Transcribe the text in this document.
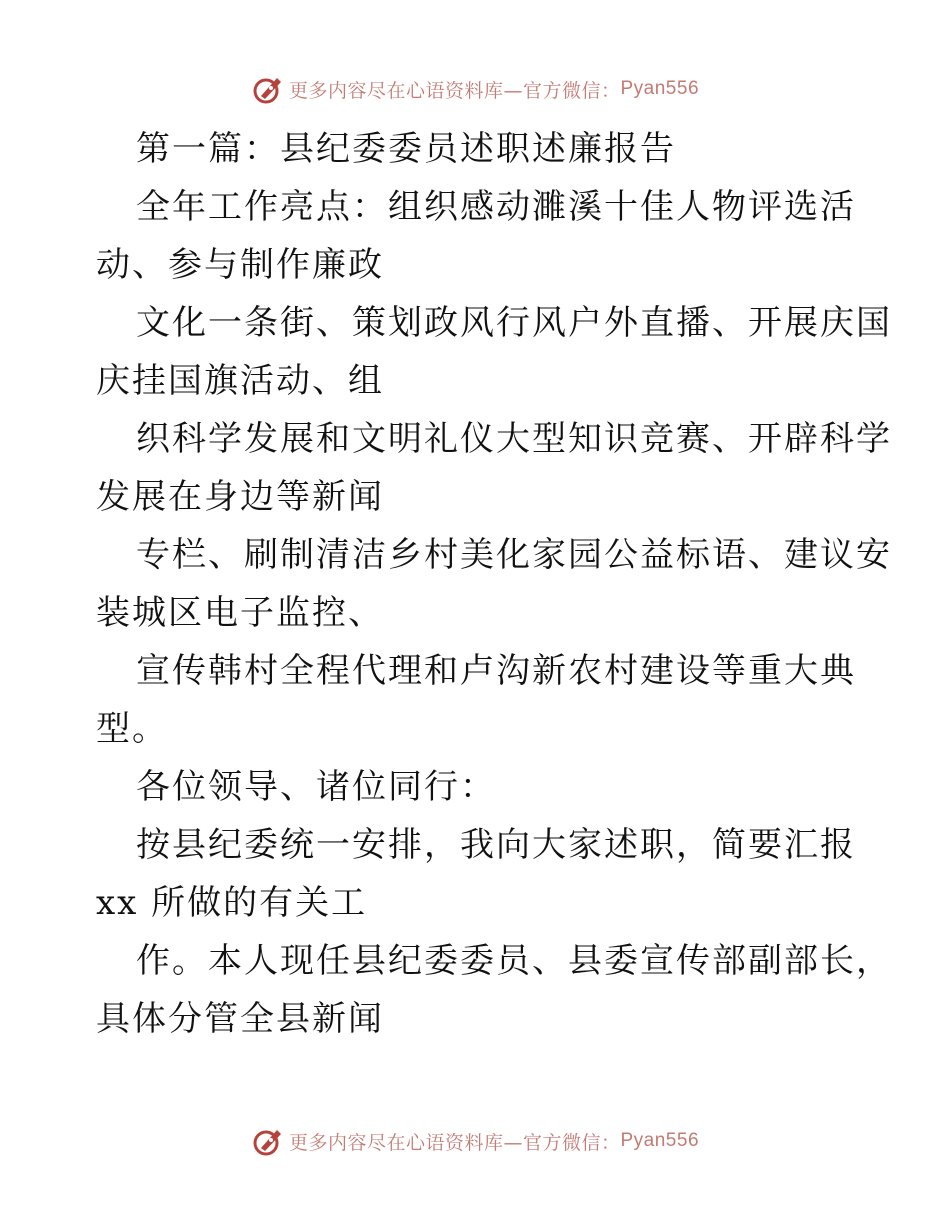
更多内容尽在心语资料库—官方微信： Pyan556
第一篇：县纪委委员述职述廉报告
全年工作亮点：组织感动濉溪十佳人物评选活
动、参与制作廉政
文化一条街、策划政风行风户外直播、开展庆国
庆挂国旗活动、组
织科学发展和文明礼仪大型知识竞赛、开辟科学
发展在身边等新闻
专栏、刷制清洁乡村美化家园公益标语、建议安
装城区电子监控、
宣传韩村全程代理和卢沟新农村建设等重大典
型。
各位领导、诸位同行：
按县纪委统一安排，我向大家述职，简要汇报
xx 所做的有关工
作。本人现任县纪委委员、县委宣传部副部长，
具体分管全县新闻
更多内容尽在心语资料库—官方微信： Pyan556
